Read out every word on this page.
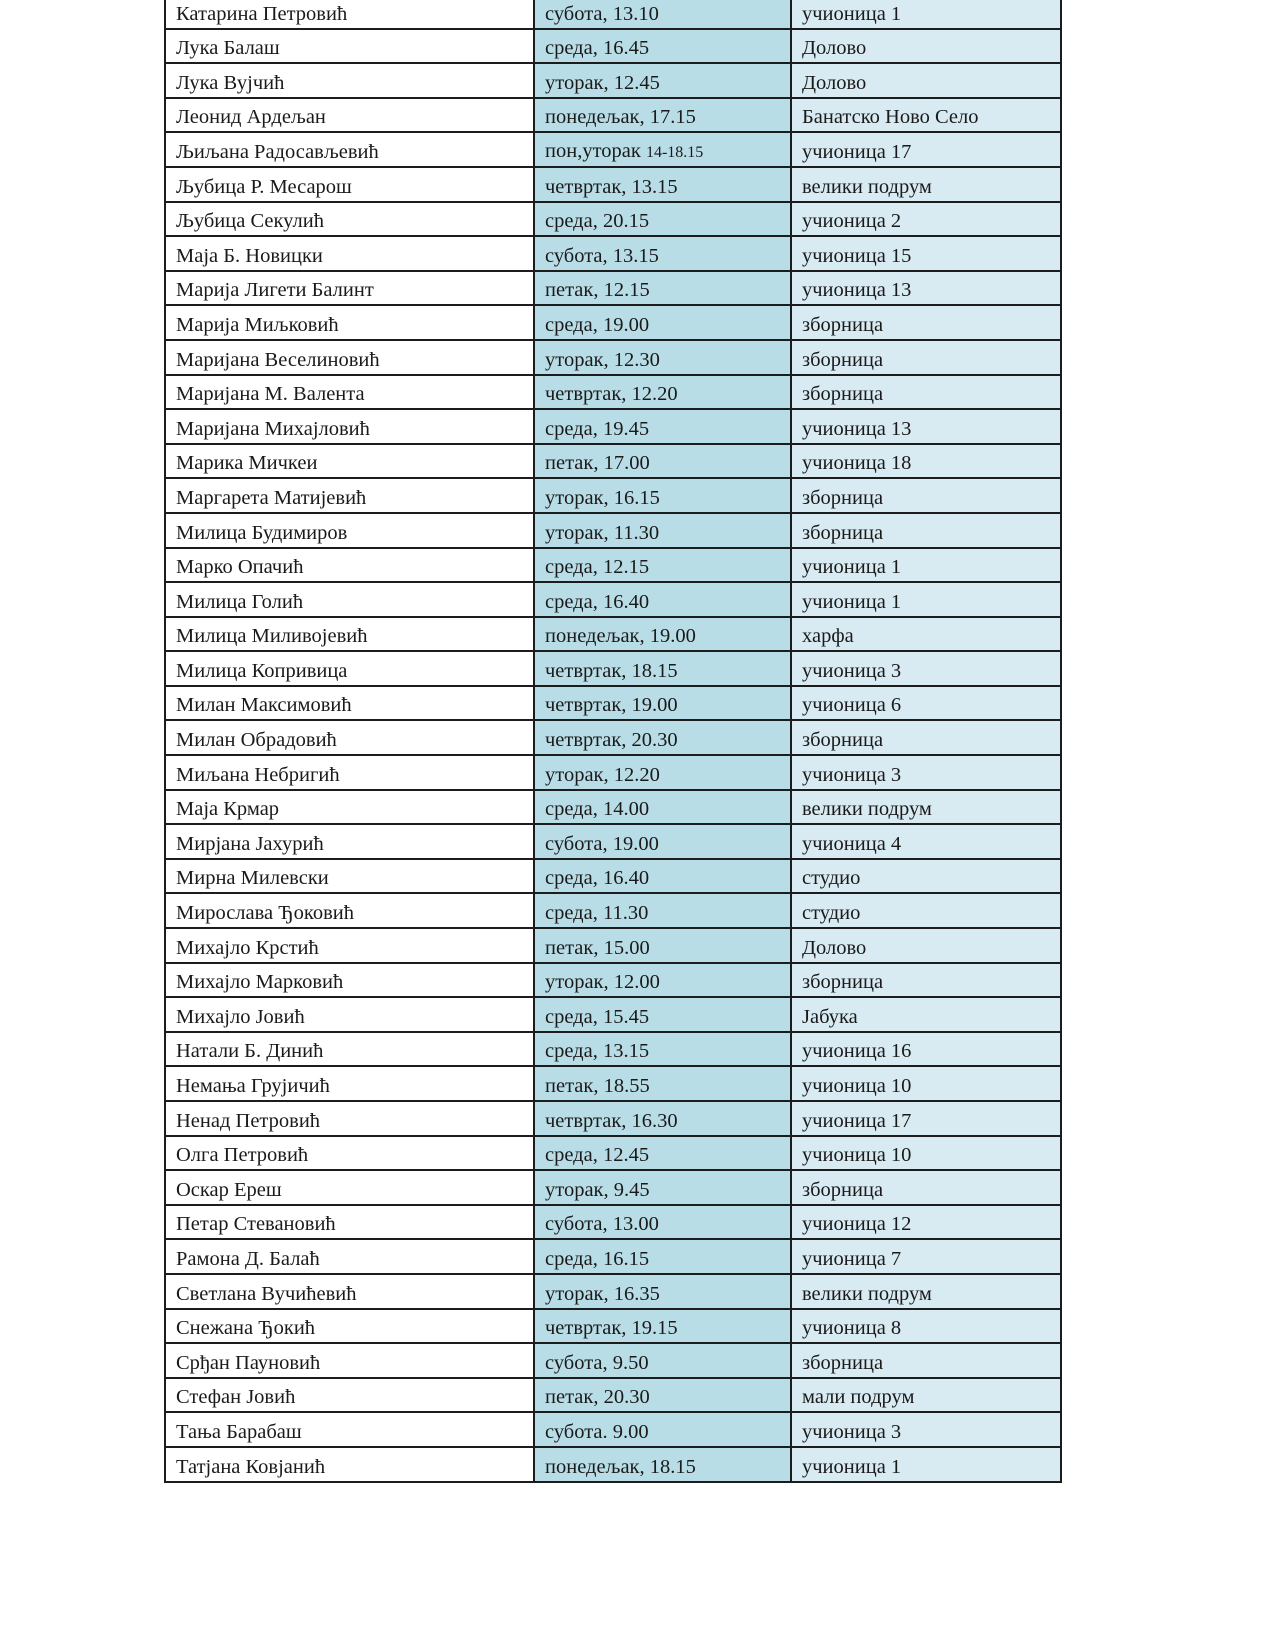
Катарина Петровић	субота, 13.10	учионица 1
Лука Балаш	среда, 16.45	Долово
Лука Вујчић	уторак, 12.45	Долово
Леонид Ардељан	понедељак, 17.15	Банатско Ново Село
Љиљана Радосављевић	пон,уторак 14-18.15	учионица 17
Љубица Р. Месарош	четвртак, 13.15	велики подрум
Љубица Секулић	среда, 20.15	учионица 2
Маја Б. Новицки	субота, 13.15	учионица 15
Марија Лигети Балинт	петак, 12.15	учионица 13
Марија Миљковић	среда, 19.00	зборница
Маријана Веселиновић	уторак, 12.30	зборница
Маријана М. Валента	четвртак, 12.20	зборница
Маријана Михајловић	среда, 19.45	учионица 13
Марика Мичкеи	петак, 17.00	учионица 18
Маргарета Матијевић	уторак, 16.15	зборница
Милица Будимиров	уторак, 11.30	зборница
Марко Опачић	среда, 12.15	учионица 1
Милица Голић	среда, 16.40	учионица 1
Милица Миливојевић	понедељак, 19.00	харфа
Милица Копривица	четвртак, 18.15	учионица 3
Милан Максимовић	четвртак, 19.00	учионица 6
Милан Обрадовић	четвртак, 20.30	зборница
Миљана Небригић	уторак, 12.20	учионица 3
Маја Крмар	среда, 14.00	велики подрум
Мирјана Јахурић	субота, 19.00	учионица 4
Мирна Милевски	среда, 16.40	студио
Мирослава Ђоковић	среда, 11.30	студио
Михајло Крстић	петак, 15.00	Долово
Михајло Марковић	уторак, 12.00	зборница
Михајло Јовић	среда, 15.45	Јабука
Натали Б. Динић	среда, 13.15	учионица 16
Немања Грујичић	петак, 18.55	учионица 10
Ненад Петровић	четвртак, 16.30	учионица 17
Олга Петровић	среда, 12.45	учионица 10
Оскар Ереш	уторак, 9.45	зборница
Петар Стевановић	субота, 13.00	учионица 12
Рамона Д. Балаћ	среда, 16.15	учионица 7
Светлана Вучићевић	уторак, 16.35	велики подрум
Снежана Ђокић	четвртак, 19.15	учионица 8
Срђан Пауновић	субота, 9.50	зборница
Стефан Јовић	петак, 20.30	мали подрум
Тања Барабаш	субота. 9.00	учионица 3
Татјана Ковјанић	понедељак, 18.15	учионица 1
